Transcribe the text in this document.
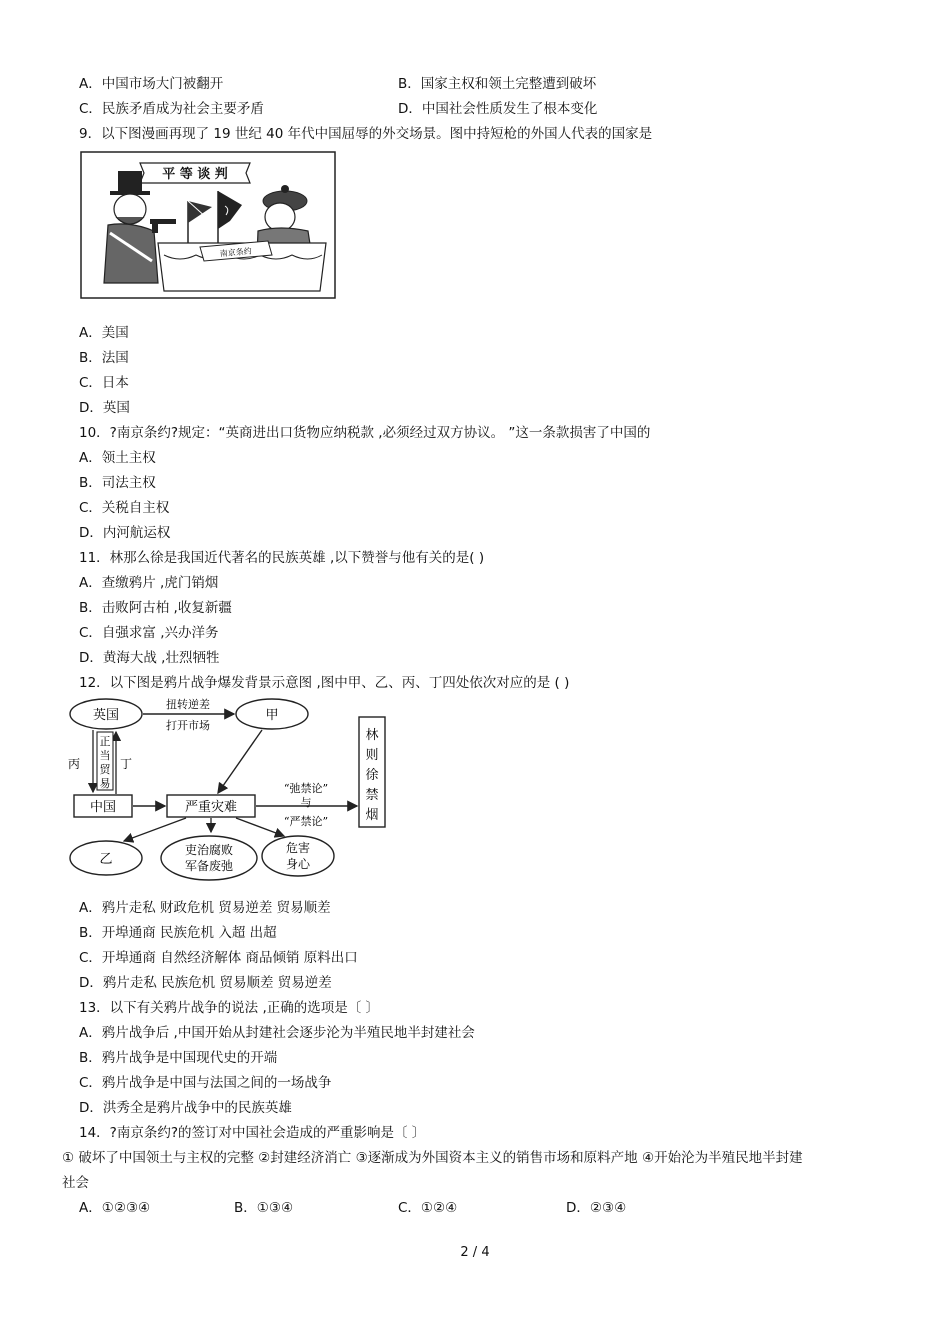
A．中国市场大门被翻开	B．国家主权和领土完整遭到破坏
C．民族矛盾成为社会主要矛盾	D．中国社会性质发生了根本变化
9．以下图漫画再现了 19 世纪 40 年代中国屈辱的外交场景。图中持短枪的外国人代表的国家是
平 等 谈 判
南京条约
A．美国
B．法国
C．日本
D．英国
10．?南京条约?规定：“英商进出口货物应纳税款 ,必须经过双方协议。 ”这一条款损害了中国的
A．领土主权
B．司法主权
C．关税自主权
D．内河航运权
11．林那么徐是我国近代著名的民族英雄 ,以下赞誉与他有关的是( )
A．查缴鸦片 ,虎门销烟
B．击败阿古柏 ,收复新疆
C．自强求富 ,兴办洋务
D．黄海大战 ,壮烈牺牲
12．以下图是鸦片战争爆发背景示意图 ,图中甲、乙、丙、丁四处依次对应的是 ( )
英国
扭转逆差
打开市场
甲
正
当
贸
易
丙	丁
中国	严重灾难
“弛禁论”
与
“严禁论”
林
则
徐
禁
烟
乙
吏治腐败
军备废弛
危害
身心
A．鸦片走私 财政危机 贸易逆差 贸易顺差
B．开埠通商 民族危机 入超 出超
C．开埠通商 自然经济解体 商品倾销 原料出口
D．鸦片走私 民族危机 贸易顺差 贸易逆差
13．以下有关鸦片战争的说法 ,正确的选项是〔 〕
A．鸦片战争后 ,中国开始从封建社会逐步沦为半殖民地半封建社会
B．鸦片战争是中国现代史的开端
C．鸦片战争是中国与法国之间的一场战争
D．洪秀全是鸦片战争中的民族英雄
14．?南京条约?的签订对中国社会造成的严重影响是〔 〕
① 破坏了中国领土与主权的完整 ②封建经济消亡 ③逐渐成为外国资本主义的销售市场和原料产地 ④开始沦为半殖民地半封建
社会
A．①②③④	B．①③④	C．①②④	D．②③④
2 / 4
